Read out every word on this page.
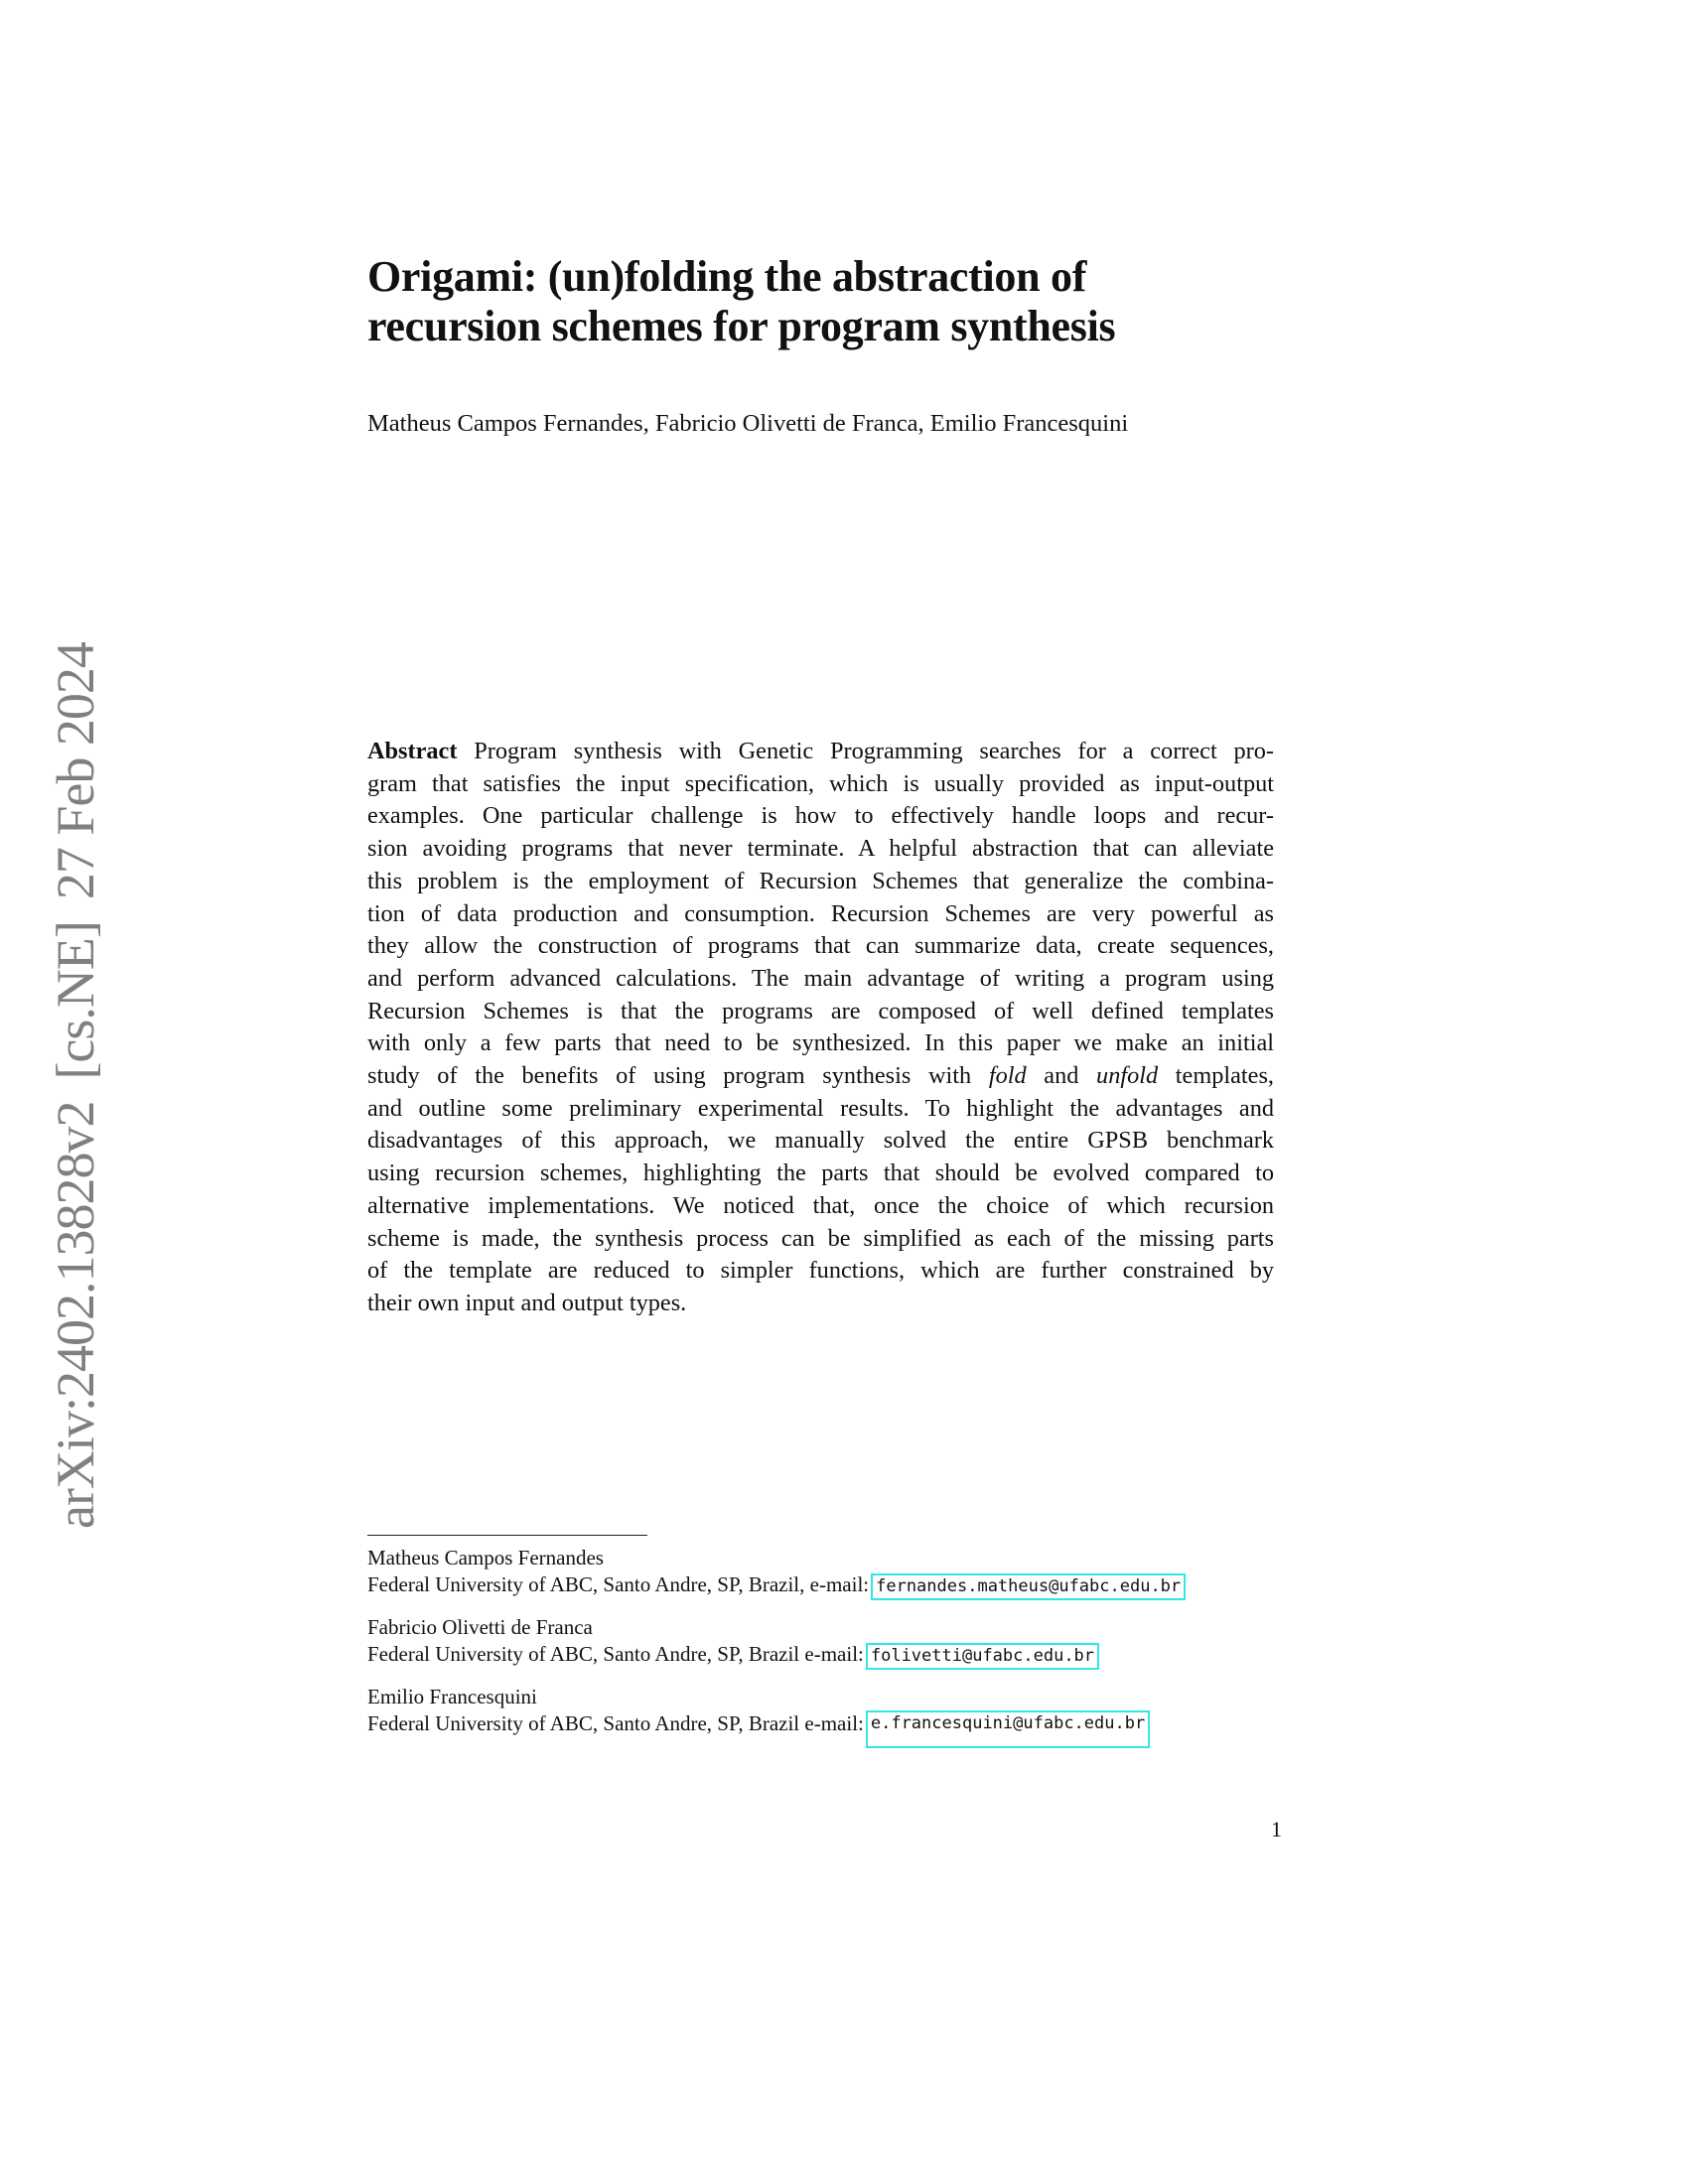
arXiv:2402.13828v2[cs.NE]27 Feb 2024
Origami: (un)folding the abstraction of
recursion schemes for program synthesis
Matheus Campos Fernandes, Fabricio Olivetti de Franca, Emilio Francesquini
Abstract Program synthesis with Genetic Programming searches for a correct pro-
gram that satisfies the input specification, which is usually provided as input-output
examples. One particular challenge is how to effectively handle loops and recur-
sion avoiding programs that never terminate. A helpful abstraction that can alleviate
this problem is the employment of Recursion Schemes that generalize the combina-
tion of data production and consumption. Recursion Schemes are very powerful as
they allow the construction of programs that can summarize data, create sequences,
and perform advanced calculations. The main advantage of writing a program using
Recursion Schemes is that the programs are composed of well defined templates
with only a few parts that need to be synthesized. In this paper we make an initial
study of the benefits of using program synthesis with fold and unfold templates,
and outline some preliminary experimental results. To highlight the advantages and
disadvantages of this approach, we manually solved the entire GPSB benchmark
using recursion schemes, highlighting the parts that should be evolved compared to
alternative implementations. We noticed that, once the choice of which recursion
scheme is made, the synthesis process can be simplified as each of the missing parts
of the template are reduced to simpler functions, which are further constrained by
their own input and output types.
Matheus Campos Fernandes
Federal University of ABC, Santo Andre, SP, Brazil, e-mail: fernandes.matheus@ufabc.edu.br
Fabricio Olivetti de Franca
Federal University of ABC, Santo Andre, SP, Brazil e-mail: folivetti@ufabc.edu.br
Emilio Francesquini
Federal University of ABC, Santo Andre, SP, Brazil e-mail: e.francesquini@ufabc.edu.br
1
